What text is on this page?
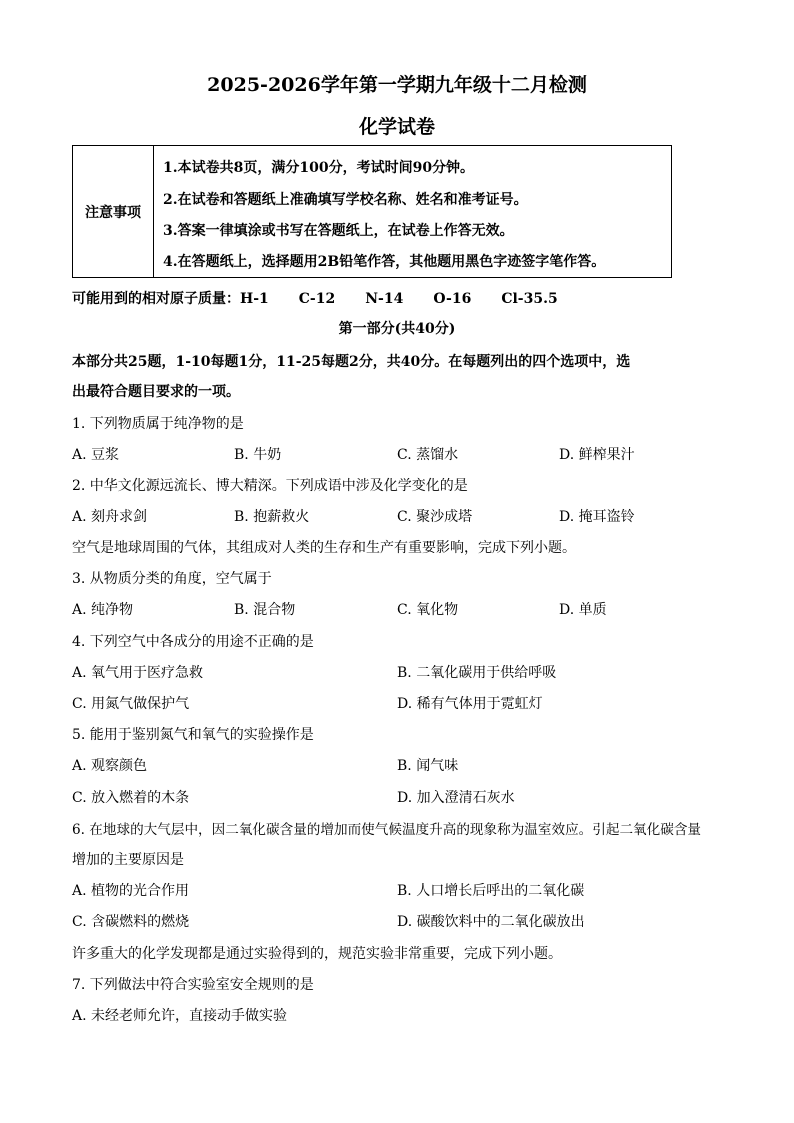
2025-2026学年第一学期九年级十二月检测
化学试卷
注意事项
1.本试卷共8页，满分100分，考试时间90分钟。
2.在试卷和答题纸上准确填写学校名称、姓名和准考证号。
3.答案一律填涂或书写在答题纸上，在试卷上作答无效。
4.在答题纸上，选择题用2B铅笔作答，其他题用黑色字迹签字笔作答。
可能用到的相对原子质量：H-1 C-12 N-14 O-16 Cl-35.5
第一部分(共40分)
本部分共25题，1-10每题1分，11-25每题2分，共40分。在每题列出的四个选项中，选
出最符合题目要求的一项。
1. 下列物质属于纯净物的是
A. 豆浆	B. 牛奶	C. 蒸馏水	D. 鲜榨果汁
2. 中华文化源远流长、博大精深。下列成语中涉及化学变化的是
A. 刻舟求剑	B. 抱薪救火	C. 聚沙成塔	D. 掩耳盗铃
空气是地球周围的气体，其组成对人类的生存和生产有重要影响，完成下列小题。
3. 从物质分类的角度，空气属于
A. 纯净物	B. 混合物	C. 氧化物	D. 单质
4. 下列空气中各成分的用途不正确的是
A. 氧气用于医疗急救	B. 二氧化碳用于供给呼吸
C. 用氮气做保护气	D. 稀有气体用于霓虹灯
5. 能用于鉴别氮气和氧气的实验操作是
A. 观察颜色	B. 闻气味
C. 放入燃着的木条	D. 加入澄清石灰水
6. 在地球的大气层中，因二氧化碳含量的增加而使气候温度升高的现象称为温室效应。引起二氧化碳含量
增加的主要原因是
A. 植物的光合作用	B. 人口增长后呼出的二氧化碳
C. 含碳燃料的燃烧	D. 碳酸饮料中的二氧化碳放出
许多重大的化学发现都是通过实验得到的，规范实验非常重要，完成下列小题。
7. 下列做法中符合实验室安全规则的是
A. 未经老师允许，直接动手做实验
